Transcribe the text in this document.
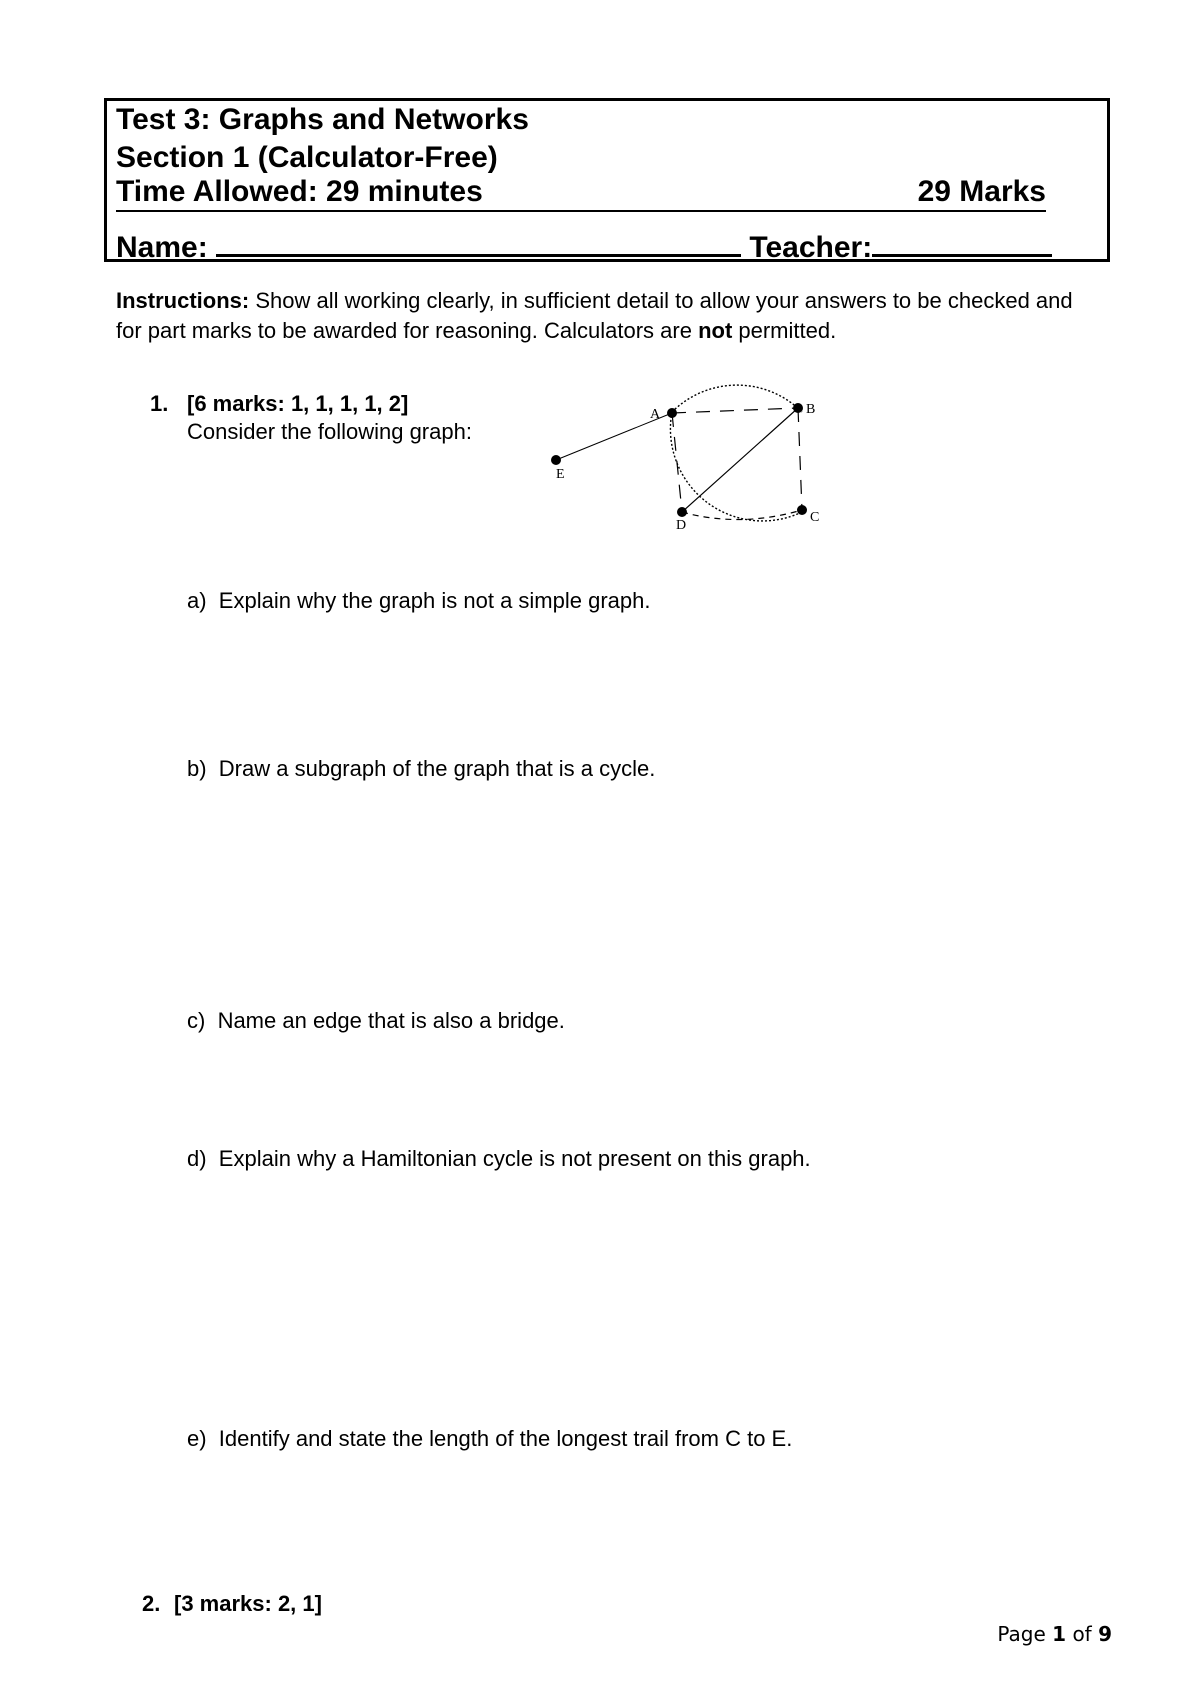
Test 3: Graphs and Networks
Section 1 (Calculator-Free)
Time Allowed: 29 minutes	29 Marks
Name:	Teacher:
Instructions: Show all working clearly, in sufficient detail to allow your answers to be checked and for part marks to be awarded for reasoning. Calculators are not permitted.
1. [6 marks: 1, 1, 1, 1, 2]
Consider the following graph:
A	B
C
D
E
a) Explain why the graph is not a simple graph.
b) Draw a subgraph of the graph that is a cycle.
c) Name an edge that is also a bridge.
d) Explain why a Hamiltonian cycle is not present on this graph.
e) Identify and state the length of the longest trail from C to E.
2. [3 marks: 2, 1]
Page 1 of 9
